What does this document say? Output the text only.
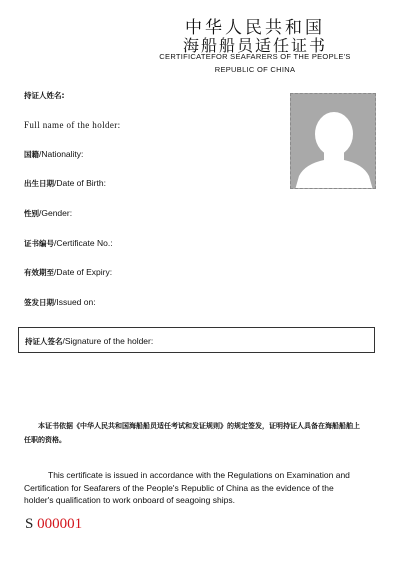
中华人民共和国
海船船员适任证书
CERTIFICATEFOR SEAFARERS OF THE PEOPLE'S
REPUBLIC OF CHINA
持证人姓名:
Full name of the holder:
国籍/Nationality:
出生日期/Date of Birth:
性别/Gender:
证书编号/Certificate No.:
有效期至/Date of Expiry:
签发日期/Issued on:
持证人签名/Signature of the holder:
本证书依据《中华人民共和国海船船员适任考试和发证规则》的规定签发，证明持证人具备在海船船舶上任职的资格。
This certificate is issued in accordance with the Regulations on Examination and Certification for Seafarers of the People's Republic of China as the evidence of the holder's qualification to work onboard of seagoing ships.
S 000001
